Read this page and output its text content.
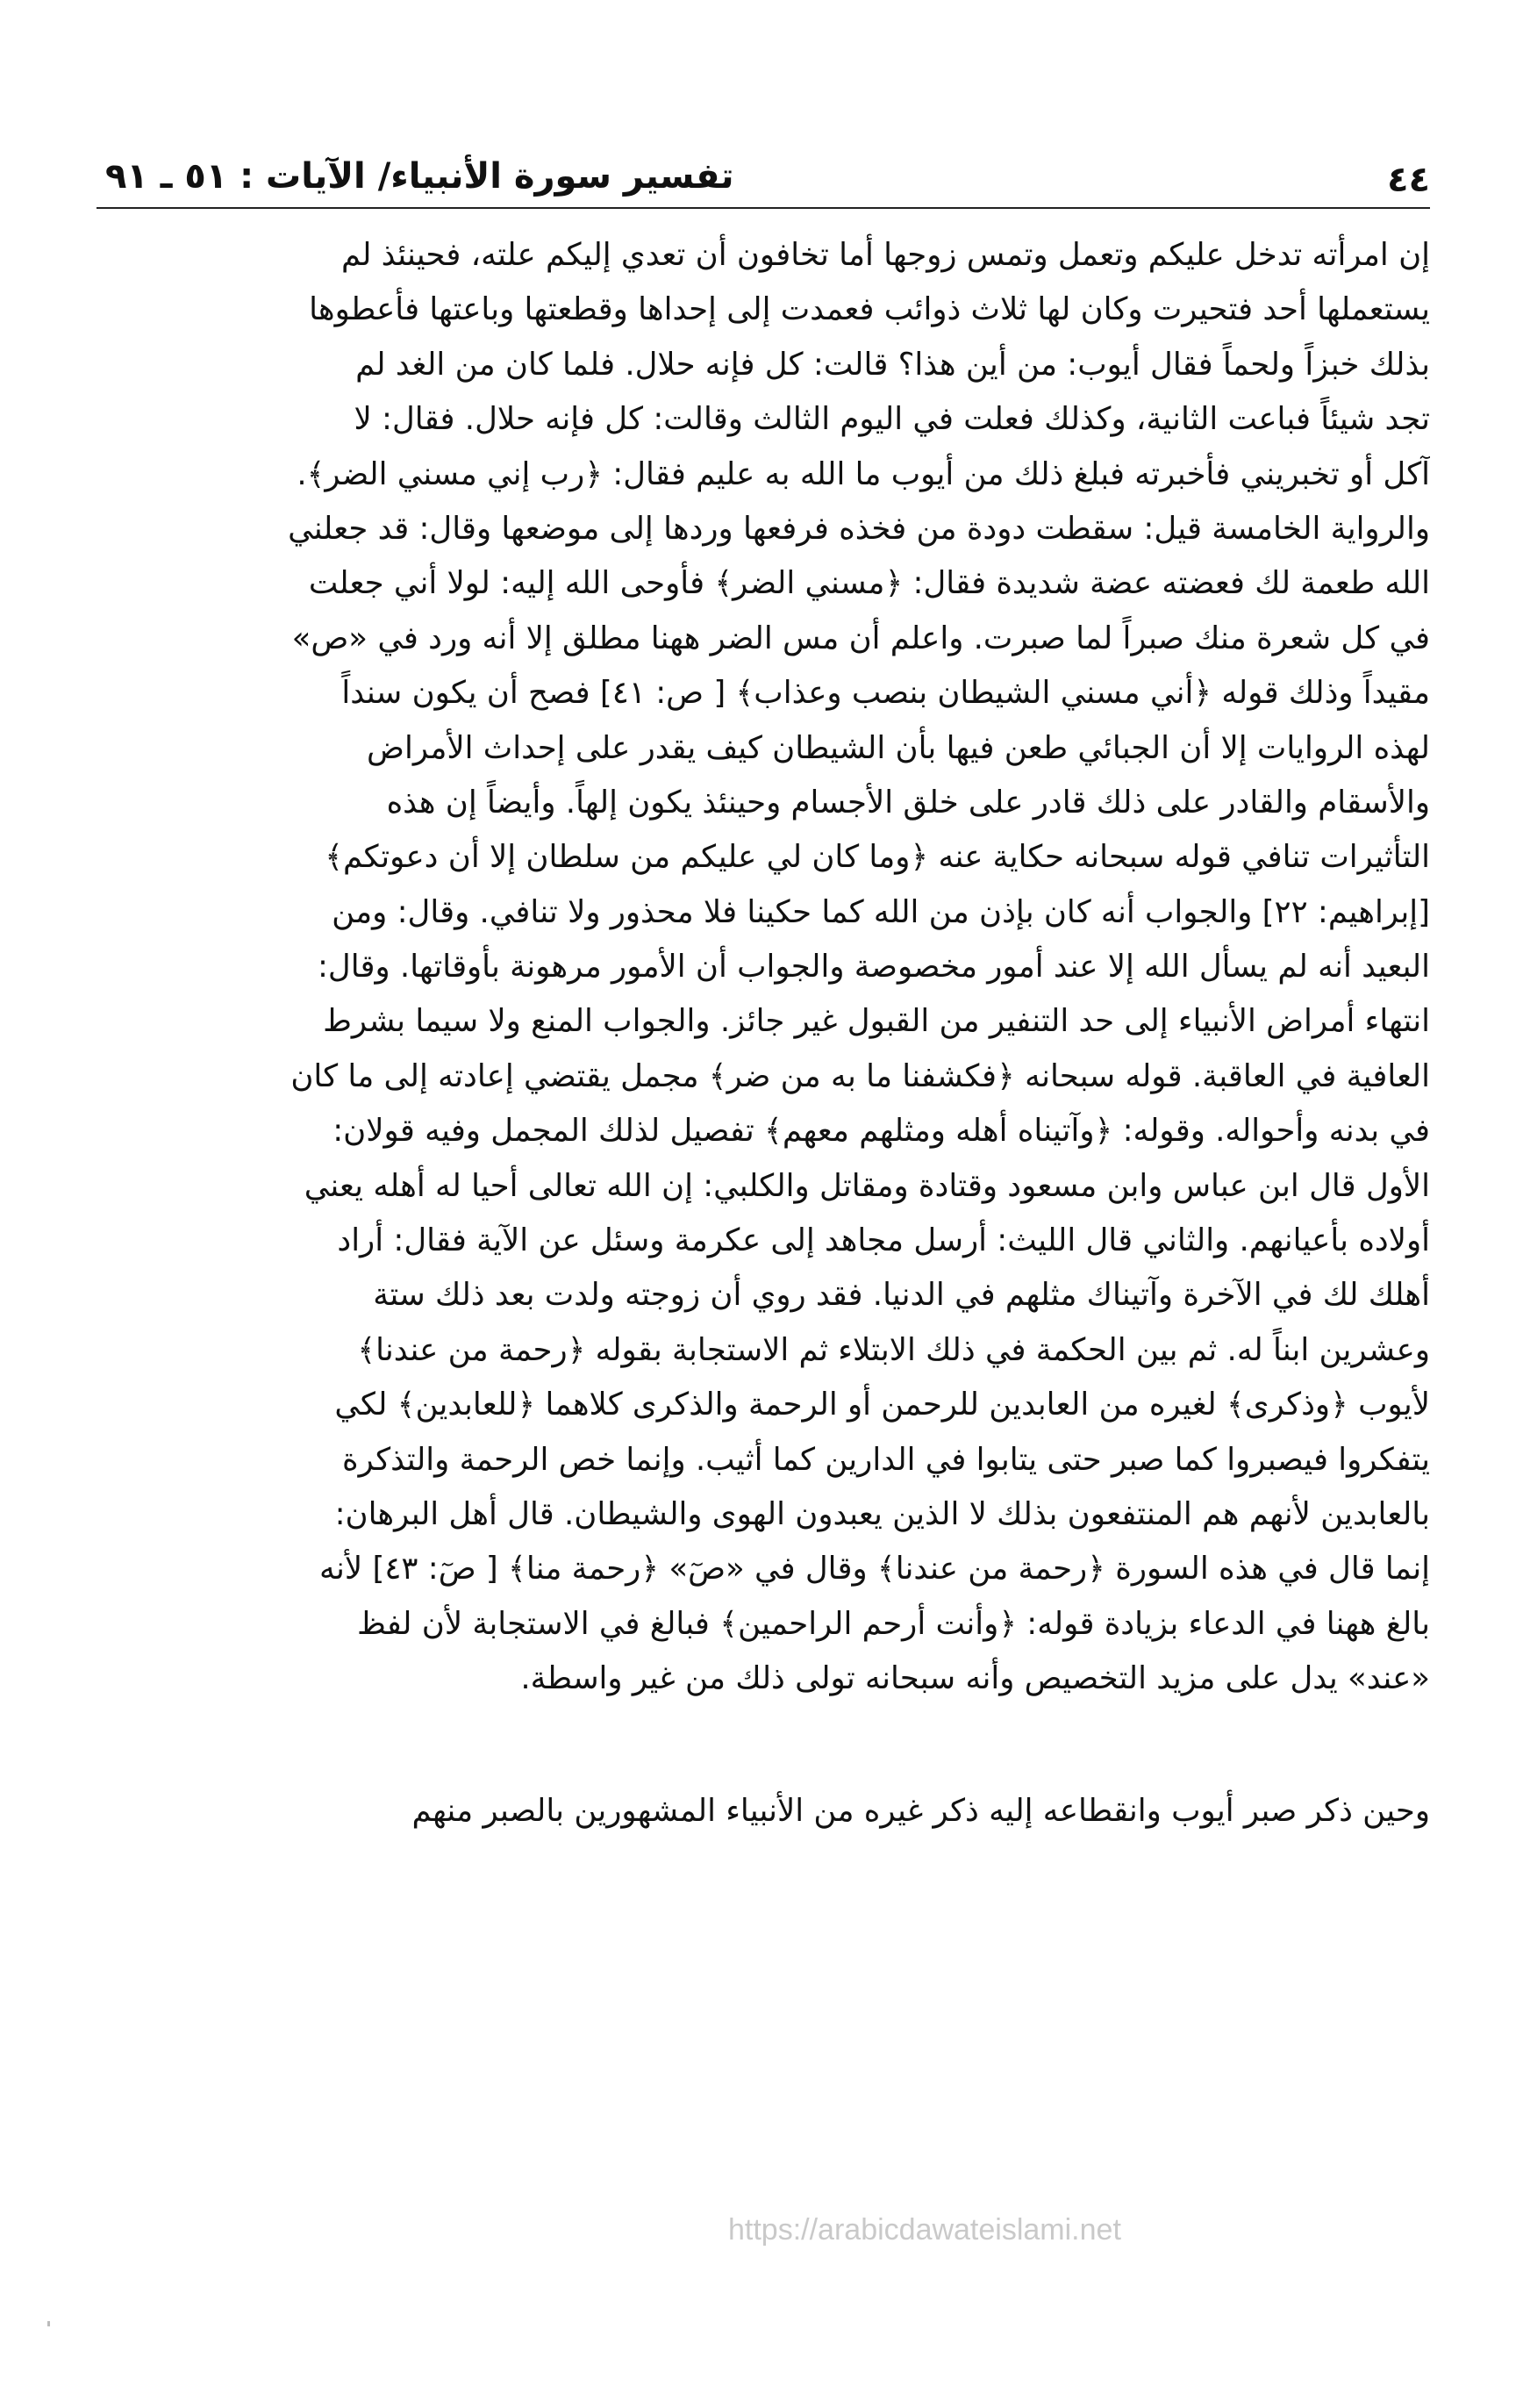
٤٤
تفسير سورة الأنبياء/ الآيات : ٥١ ـ ٩١
إن امرأته تدخل عليكم وتعمل وتمس زوجها أما تخافون أن تعدي إليكم علته، فحينئذ لم
يستعملها أحد فتحيرت وكان لها ثلاث ذوائب فعمدت إلى إحداها وقطعتها وباعتها فأعطوها
بذلك خبزاً ولحماً فقال أيوب: من أين هذا؟ قالت: كل فإنه حلال. فلما كان من الغد لم
تجد شيئاً فباعت الثانية، وكذلك فعلت في اليوم الثالث وقالت: كل فإنه حلال. فقال: لا
آكل أو تخبريني فأخبرته فبلغ ذلك من أيوب ما الله به عليم فقال: ﴿رب إني مسني الضر﴾.
والرواية الخامسة قيل: سقطت دودة من فخذه فرفعها وردها إلى موضعها وقال: قد جعلني
الله طعمة لك فعضته عضة شديدة فقال: ﴿مسني الضر﴾ فأوحى الله إليه: لولا أني جعلت
في كل شعرة منك صبراً لما صبرت. واعلم أن مس الضر ههنا مطلق إلا أنه ورد في «ص»
مقيداً وذلك قوله ﴿أني مسني الشيطان بنصب وعذاب﴾ [ ص: ٤١] فصح أن يكون سنداً
لهذه الروايات إلا أن الجبائي طعن فيها بأن الشيطان كيف يقدر على إحداث الأمراض
والأسقام والقادر على ذلك قادر على خلق الأجسام وحينئذ يكون إلهاً. وأيضاً إن هذه
التأثيرات تنافي قوله سبحانه حكاية عنه ﴿وما كان لي عليكم من سلطان إلا أن دعوتكم﴾
[إبراهيم: ٢٢] والجواب أنه كان بإذن من الله كما حكينا فلا محذور ولا تنافي. وقال: ومن
البعيد أنه لم يسأل الله إلا عند أمور مخصوصة والجواب أن الأمور مرهونة بأوقاتها. وقال:
انتهاء أمراض الأنبياء إلى حد التنفير من القبول غير جائز. والجواب المنع ولا سيما بشرط
العافية في العاقبة. قوله سبحانه ﴿فكشفنا ما به من ضر﴾ مجمل يقتضي إعادته إلى ما كان
في بدنه وأحواله. وقوله: ﴿وآتيناه أهله ومثلهم معهم﴾ تفصيل لذلك المجمل وفيه قولان:
الأول قال ابن عباس وابن مسعود وقتادة ومقاتل والكلبي: إن الله تعالى أحيا له أهله يعني
أولاده بأعيانهم. والثاني قال الليث: أرسل مجاهد إلى عكرمة وسئل عن الآية فقال: أراد
أهلك لك في الآخرة وآتيناك مثلهم في الدنيا. فقد روي أن زوجته ولدت بعد ذلك ستة
وعشرين ابناً له. ثم بين الحكمة في ذلك الابتلاء ثم الاستجابة بقوله ﴿رحمة من عندنا﴾
لأيوب ﴿وذكرى﴾ لغيره من العابدين للرحمن أو الرحمة والذكرى كلاهما ﴿للعابدين﴾ لكي
يتفكروا فيصبروا كما صبر حتى يتابوا في الدارين كما أثيب. وإنما خص الرحمة والتذكرة
بالعابدين لأنهم هم المنتفعون بذلك لا الذين يعبدون الهوى والشيطان. قال أهل البرهان:
إنما قال في هذه السورة ﴿رحمة من عندنا﴾ وقال في «صٓ» ﴿رحمة منا﴾ [ صٓ: ٤٣] لأنه
بالغ ههنا في الدعاء بزيادة قوله: ﴿وأنت أرحم الراحمين﴾ فبالغ في الاستجابة لأن لفظ
«عند» يدل على مزيد التخصيص وأنه سبحانه تولى ذلك من غير واسطة.
وحين ذكر صبر أيوب وانقطاعه إليه ذكر غيره من الأنبياء المشهورين بالصبر منهم
https://arabicdawateislami.net
